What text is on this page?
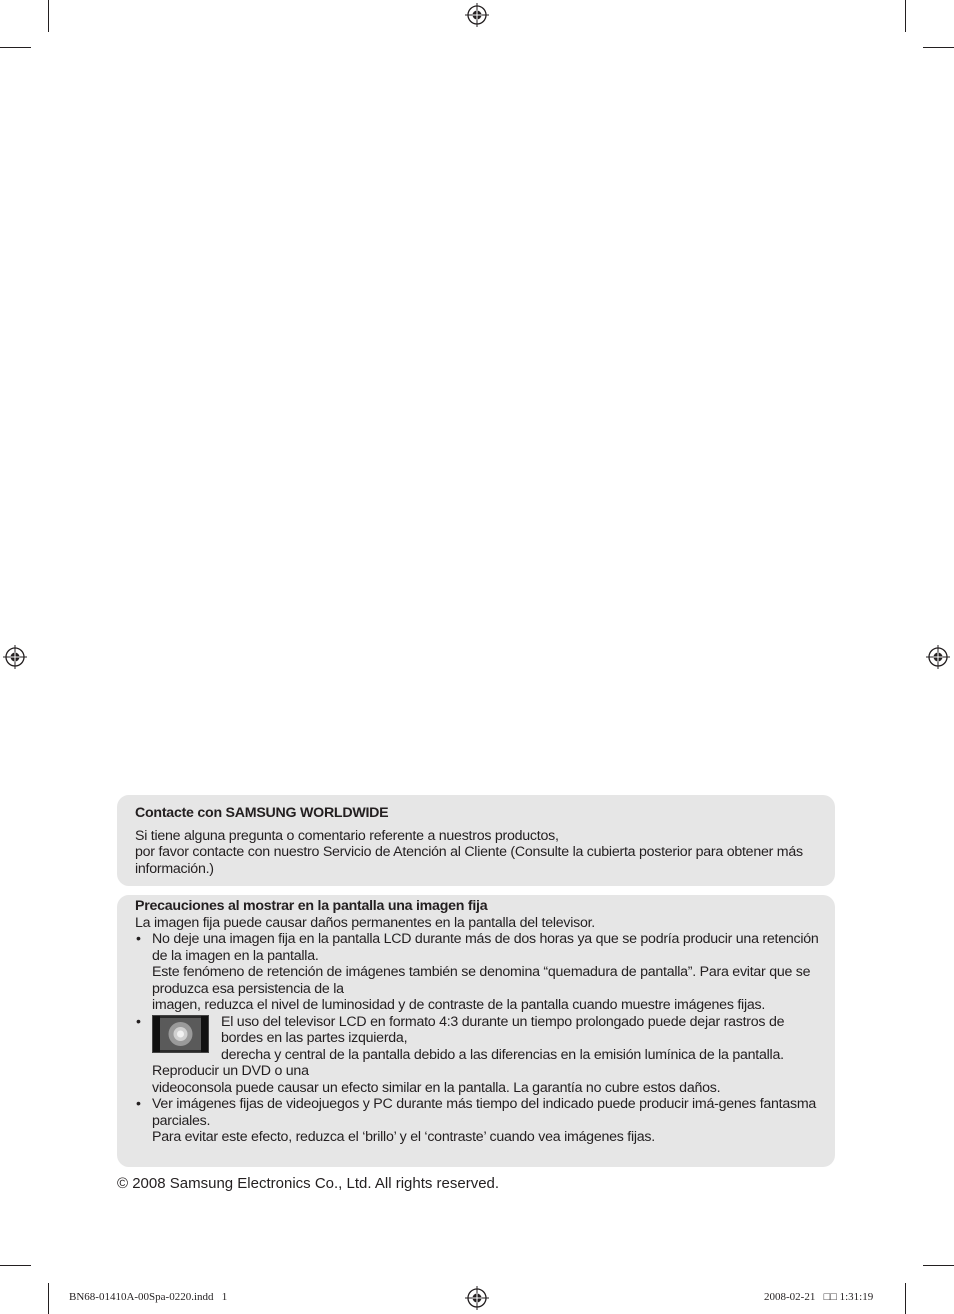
Contacte con SAMSUNG WORLDWIDE
Si tiene alguna pregunta o comentario referente a nuestros productos,
por favor contacte con nuestro Servicio de Atención al Cliente (Consulte la cubierta posterior para obtener más información.)
Precauciones al mostrar en la pantalla una imagen fija
La imagen fija puede causar daños permanentes en la pantalla del televisor.
• No deje una imagen fija en la pantalla LCD durante más de dos horas ya que se podría producir una retención de la imagen en la pantalla.
Este fenómeno de retención de imágenes también se denomina “quemadura de pantalla”. Para evitar que se produzca esa persistencia de la
imagen, reduzca el nivel de luminosidad y de contraste de la pantalla cuando muestre imágenes fijas.
•	El uso del televisor LCD en formato 4:3 durante un tiempo prolongado puede dejar rastros de bordes en las partes izquierda,
derecha y central de la pantalla debido a las diferencias en la emisión lumínica de la pantalla. Reproducir un DVD o una
videoconsola puede causar un efecto similar en la pantalla. La garantía no cubre estos daños.
• Ver imágenes fijas de videojuegos y PC durante más tiempo del indicado puede producir imá-genes fantasma parciales.
Para evitar este efecto, reduzca el ‘brillo’ y el ‘contraste’ cuando vea imágenes fijas.
© 2008 Samsung Electronics Co., Ltd. All rights reserved.
BN68-01410A-00Spa-0220.indd   1	2008-02-21   □□ 1:31:19
